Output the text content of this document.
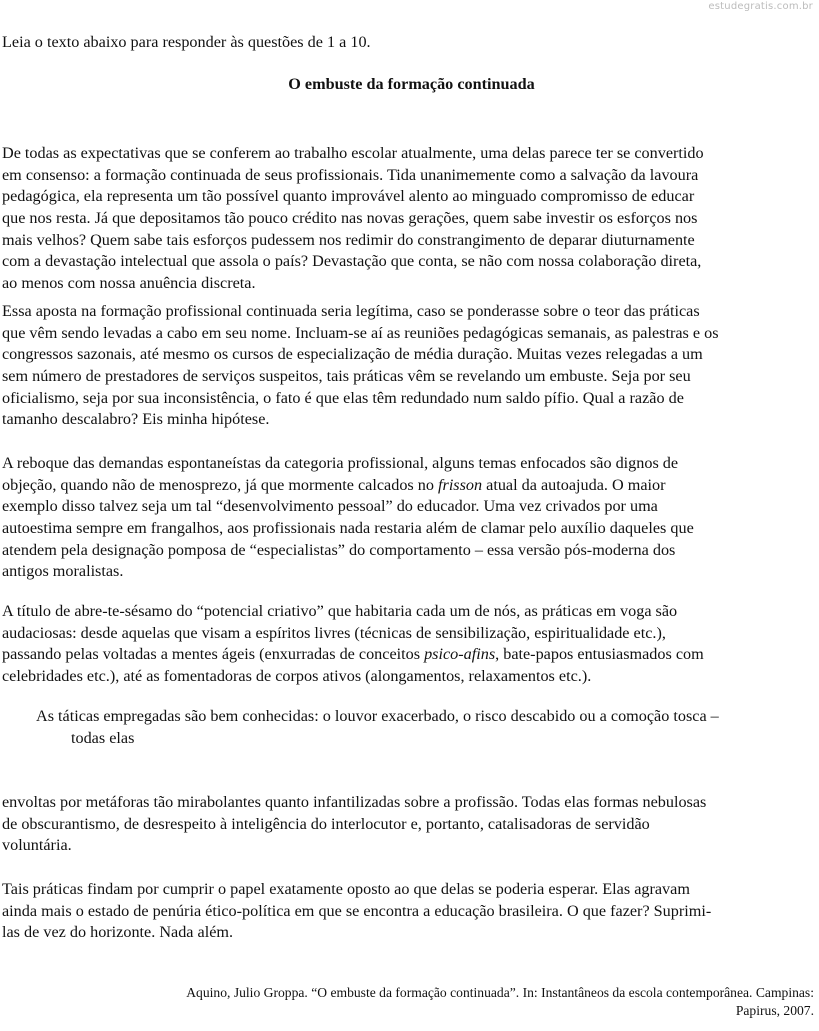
estudegratis.com.br
Leia o texto abaixo para responder às questões de 1 a 10.
O embuste da formação continuada
De todas as expectativas que se conferem ao trabalho escolar atualmente, uma delas parece ter se convertido
em consenso: a formação continuada de seus profissionais. Tida unanimemente como a salvação da lavoura
pedagógica, ela representa um tão possível quanto improvável alento ao minguado compromisso de educar
que nos resta. Já que depositamos tão pouco crédito nas novas gerações, quem sabe investir os esforços nos
mais velhos? Quem sabe tais esforços pudessem nos redimir do constrangimento de deparar diuturnamente
com a devastação intelectual que assola o país? Devastação que conta, se não com nossa colaboração direta,
ao menos com nossa anuência discreta.
Essa aposta na formação profissional continuada seria legítima, caso se ponderasse sobre o teor das práticas
que vêm sendo levadas a cabo em seu nome. Incluam-se aí as reuniões pedagógicas semanais, as palestras e os
congressos sazonais, até mesmo os cursos de especialização de média duração. Muitas vezes relegadas a um
sem número de prestadores de serviços suspeitos, tais práticas vêm se revelando um embuste. Seja por seu
oficialismo, seja por sua inconsistência, o fato é que elas têm redundado num saldo pífio. Qual a razão de
tamanho descalabro? Eis minha hipótese.
A reboque das demandas espontaneístas da categoria profissional, alguns temas enfocados são dignos de
objeção, quando não de menosprezo, já que mormente calcados no frisson atual da autoajuda. O maior
exemplo disso talvez seja um tal “desenvolvimento pessoal” do educador. Uma vez crivados por uma
autoestima sempre em frangalhos, aos profissionais nada restaria além de clamar pelo auxílio daqueles que
atendem pela designação pomposa de “especialistas” do comportamento – essa versão pós-moderna dos
antigos moralistas.
A título de abre-te-sésamo do “potencial criativo” que habitaria cada um de nós, as práticas em voga são
audaciosas: desde aquelas que visam a espíritos livres (técnicas de sensibilização, espiritualidade etc.),
passando pelas voltadas a mentes ágeis (enxurradas de conceitos psico-afins, bate-papos entusiasmados com
celebridades etc.), até as fomentadoras de corpos ativos (alongamentos, relaxamentos etc.).
As táticas empregadas são bem conhecidas: o louvor exacerbado, o risco descabido ou a comoção tosca –
todas elas
envoltas por metáforas tão mirabolantes quanto infantilizadas sobre a profissão. Todas elas formas nebulosas
de obscurantismo, de desrespeito à inteligência do interlocutor e, portanto, catalisadoras de servidão
voluntária.
Tais práticas findam por cumprir o papel exatamente oposto ao que delas se poderia esperar. Elas agravam
ainda mais o estado de penúria ético-política em que se encontra a educação brasileira. O que fazer? Suprimi-
las de vez do horizonte. Nada além.
Aquino, Julio Groppa. “O embuste da formação continuada”. In: Instantâneos da escola contemporânea. Campinas:
Papirus, 2007.
